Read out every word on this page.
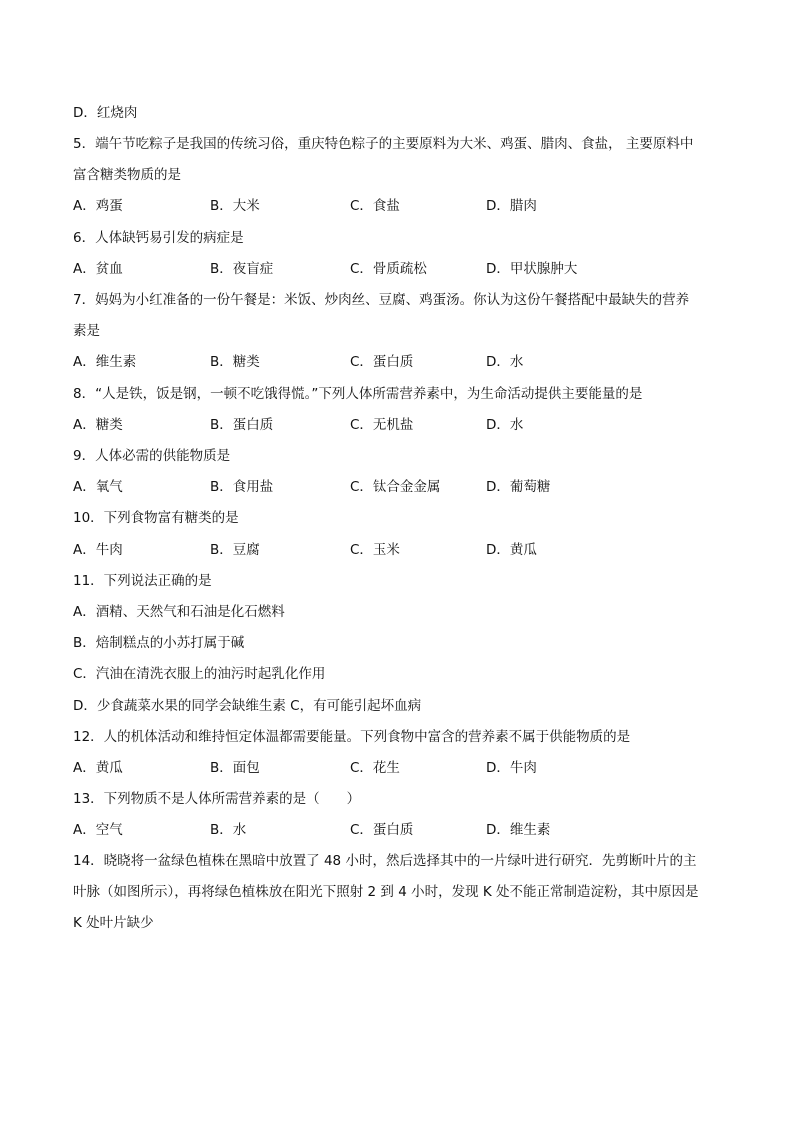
D．红烧肉
5．端午节吃粽子是我国的传统习俗，重庆特色粽子的主要原料为大米、鸡蛋、腊肉、食盐， 主要原料中
富含糖类物质的是
A．鸡蛋	B．大米	C．食盐	D．腊肉
6．人体缺钙易引发的病症是
A．贫血	B．夜盲症	C．骨质疏松	D．甲状腺肿大
7．妈妈为小红准备的一份午餐是：米饭、炒肉丝、豆腐、鸡蛋汤。你认为这份午餐搭配中最缺失的营养
素是
A．维生素	B．糖类	C．蛋白质	D．水
8．“人是铁，饭是钢，一顿不吃饿得慌。”下列人体所需营养素中，为生命活动提供主要能量的是
A．糖类	B．蛋白质	C．无机盐	D．水
9．人体必需的供能物质是
A．氧气	B．食用盐	C．钛合金金属	D．葡萄糖
10．下列食物富有糖类的是
A．牛肉	B．豆腐	C．玉米	D．黄瓜
11．下列说法正确的是
A．酒精、天然气和石油是化石燃料
B．焙制糕点的小苏打属于碱
C．汽油在清洗衣服上的油污时起乳化作用
D．少食蔬菜水果的同学会缺维生素 C，有可能引起坏血病
12．人的机体活动和维持恒定体温都需要能量。下列食物中富含的营养素不属于供能物质的是
A．黄瓜	B．面包	C．花生	D．牛肉
13．下列物质不是人体所需营养素的是（　　）
A．空气	B．水	C．蛋白质	D．维生素
14．晓晓将一盆绿色植株在黑暗中放置了 48 小时，然后选择其中的一片绿叶进行研究．先剪断叶片的主
叶脉（如图所示），再将绿色植株放在阳光下照射 2 到 4 小时，发现 K 处不能正常制造淀粉，其中原因是
K 处叶片缺少
